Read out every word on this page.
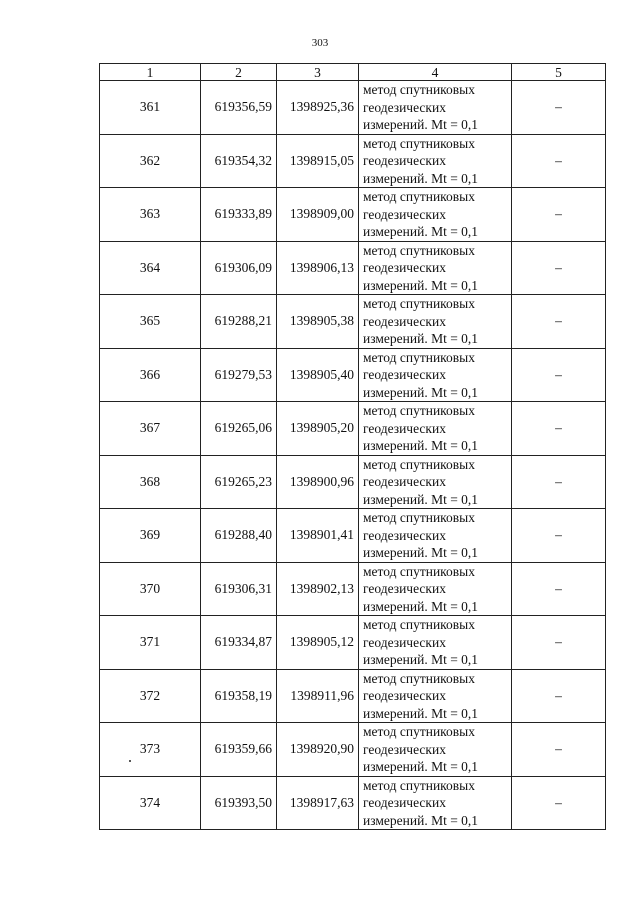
303
1	2	3	4	5
361	619356,59	1398925,36	метод спутниковых
геодезических
измерений. Mt = 0,1	–
362	619354,32	1398915,05	метод спутниковых
геодезических
измерений. Mt = 0,1	–
363	619333,89	1398909,00	метод спутниковых
геодезических
измерений. Mt = 0,1	–
364	619306,09	1398906,13	метод спутниковых
геодезических
измерений. Mt = 0,1	–
365	619288,21	1398905,38	метод спутниковых
геодезических
измерений. Mt = 0,1	–
366	619279,53	1398905,40	метод спутниковых
геодезических
измерений. Mt = 0,1	–
367	619265,06	1398905,20	метод спутниковых
геодезических
измерений. Mt = 0,1	–
368	619265,23	1398900,96	метод спутниковых
геодезических
измерений. Mt = 0,1	–
369	619288,40	1398901,41	метод спутниковых
геодезических
измерений. Mt = 0,1	–
370	619306,31	1398902,13	метод спутниковых
геодезических
измерений. Mt = 0,1	–
371	619334,87	1398905,12	метод спутниковых
геодезических
измерений. Mt = 0,1	–
372	619358,19	1398911,96	метод спутниковых
геодезических
измерений. Mt = 0,1	–
373	619359,66	1398920,90	метод спутниковых
геодезических
измерений. Mt = 0,1	–
374	619393,50	1398917,63	метод спутниковых
геодезических
измерений. Mt = 0,1	–
